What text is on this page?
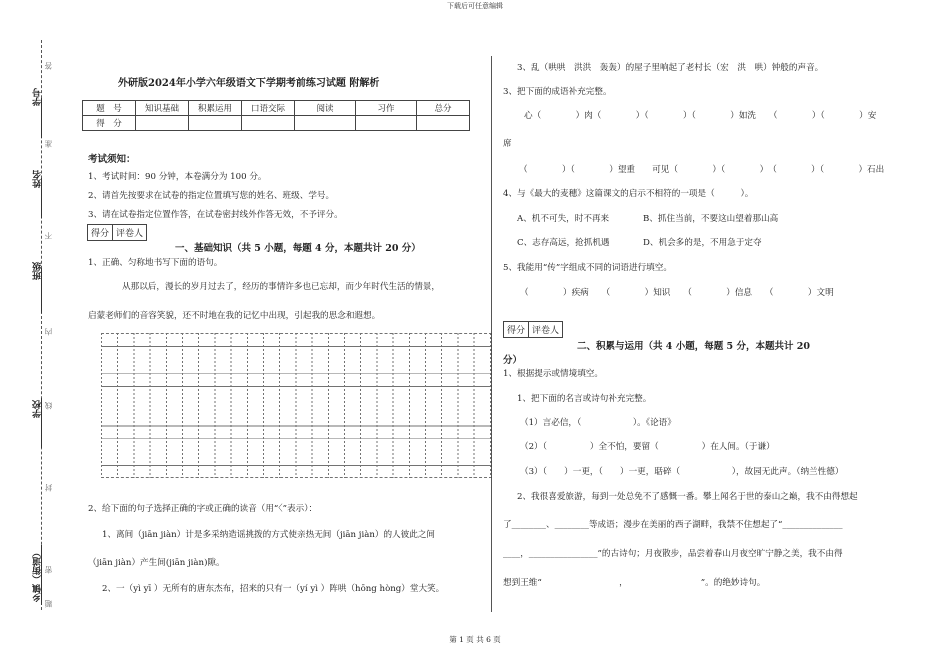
下载后可任意编辑
第 1 页 共 6 页
学号
姓名
班级
学校
乡镇（街道）
答
准
不
内
线
封
密
题
外研版2024年小学六年级语文下学期考前练习试题 附解析
题　号	知识基础	积累运用	口语交际	阅读	习作	总分
得　分						
考试须知：
1、考试时间：90 分钟，本卷满分为 100 分。
2、请首先按要求在试卷的指定位置填写您的姓名、班级、学号。
3、请在试卷指定位置作答，在试卷密封线外作答无效，不予评分。
得分 评卷人
一、基础知识（共 5 小题，每题 4 分，本题共计 20 分）
1、正确、匀称地书写下面的语句。
从那以后，漫长的岁月过去了，经历的事情许多也已忘却，而少年时代生活的情景，
启蒙老师们的音容笑貌，还不时地在我的记忆中出现，引起我的思念和遐想。
2、给下面的句子选择正确的字或正确的读音（用“〈”表示）：
1、离间（jiān jiàn）计是多采纳造谣挑拨的方式使亲热无间（jiān jiàn）的人彼此之间
（jiān jiàn）产生间(jiān jiàn)隙。
2、一（yì yī ）无所有的唐东杰布，招来的只有一（yí yì ）阵哄（hōng hòng）堂大笑。
3、乱（哄哄　洪洪　轰轰）的屋子里响起了老村长（宏　洪　哄）钟般的声音。
3、把下面的成语补充完整。
心（　　　　）肉（　　　　）（　　　　）（　　　　）如洗　　（　　　　）（　　　　）安
席
（　　　　）（　　　　）望重　　可见（　　　　）（　　　　）　（　　　　）（　　　　）石出
4、与《最大的麦穗》这篇课文的启示不相符的一项是（　　　）。
A、机不可失，时不再来	B、抓住当前，不要这山望着那山高
C、志存高远，抢抓机遇	D、机会多的是，不用急于定夺
5、我能用“传”字组成不同的词语进行填空。
（　　　　）疾病　　（　　　　）知识　　（　　　　）信息　　（　　　　）文明
得分 评卷人
二、积累与运用（共 4 小题，每题 5 分，本题共计 20
分）
1、根据提示或情境填空。
1、把下面的名言或诗句补充完整。
（1）言必信，（　　　　　　）。《论语》
（2）（　　　　　）全不怕，要留（　　　　　）在人间。（于谦）
（3）（　　）一更，（　　）一更，聒碎（　　　　　　），故园无此声。（纳兰性德）
2、我很喜爱旅游，每到一处总免不了感慨一番。攀上闻名于世的泰山之巅，我不由得想起
了________、________等成语；漫步在美丽的西子湖畔，我禁不住想起了“______________
____，________________”的古诗句；月夜散步，品尝着春山月夜空旷宁静之美，我不由得
想到王维“　　　　　　　　　，　　　　　　　　　”。的绝妙诗句。
